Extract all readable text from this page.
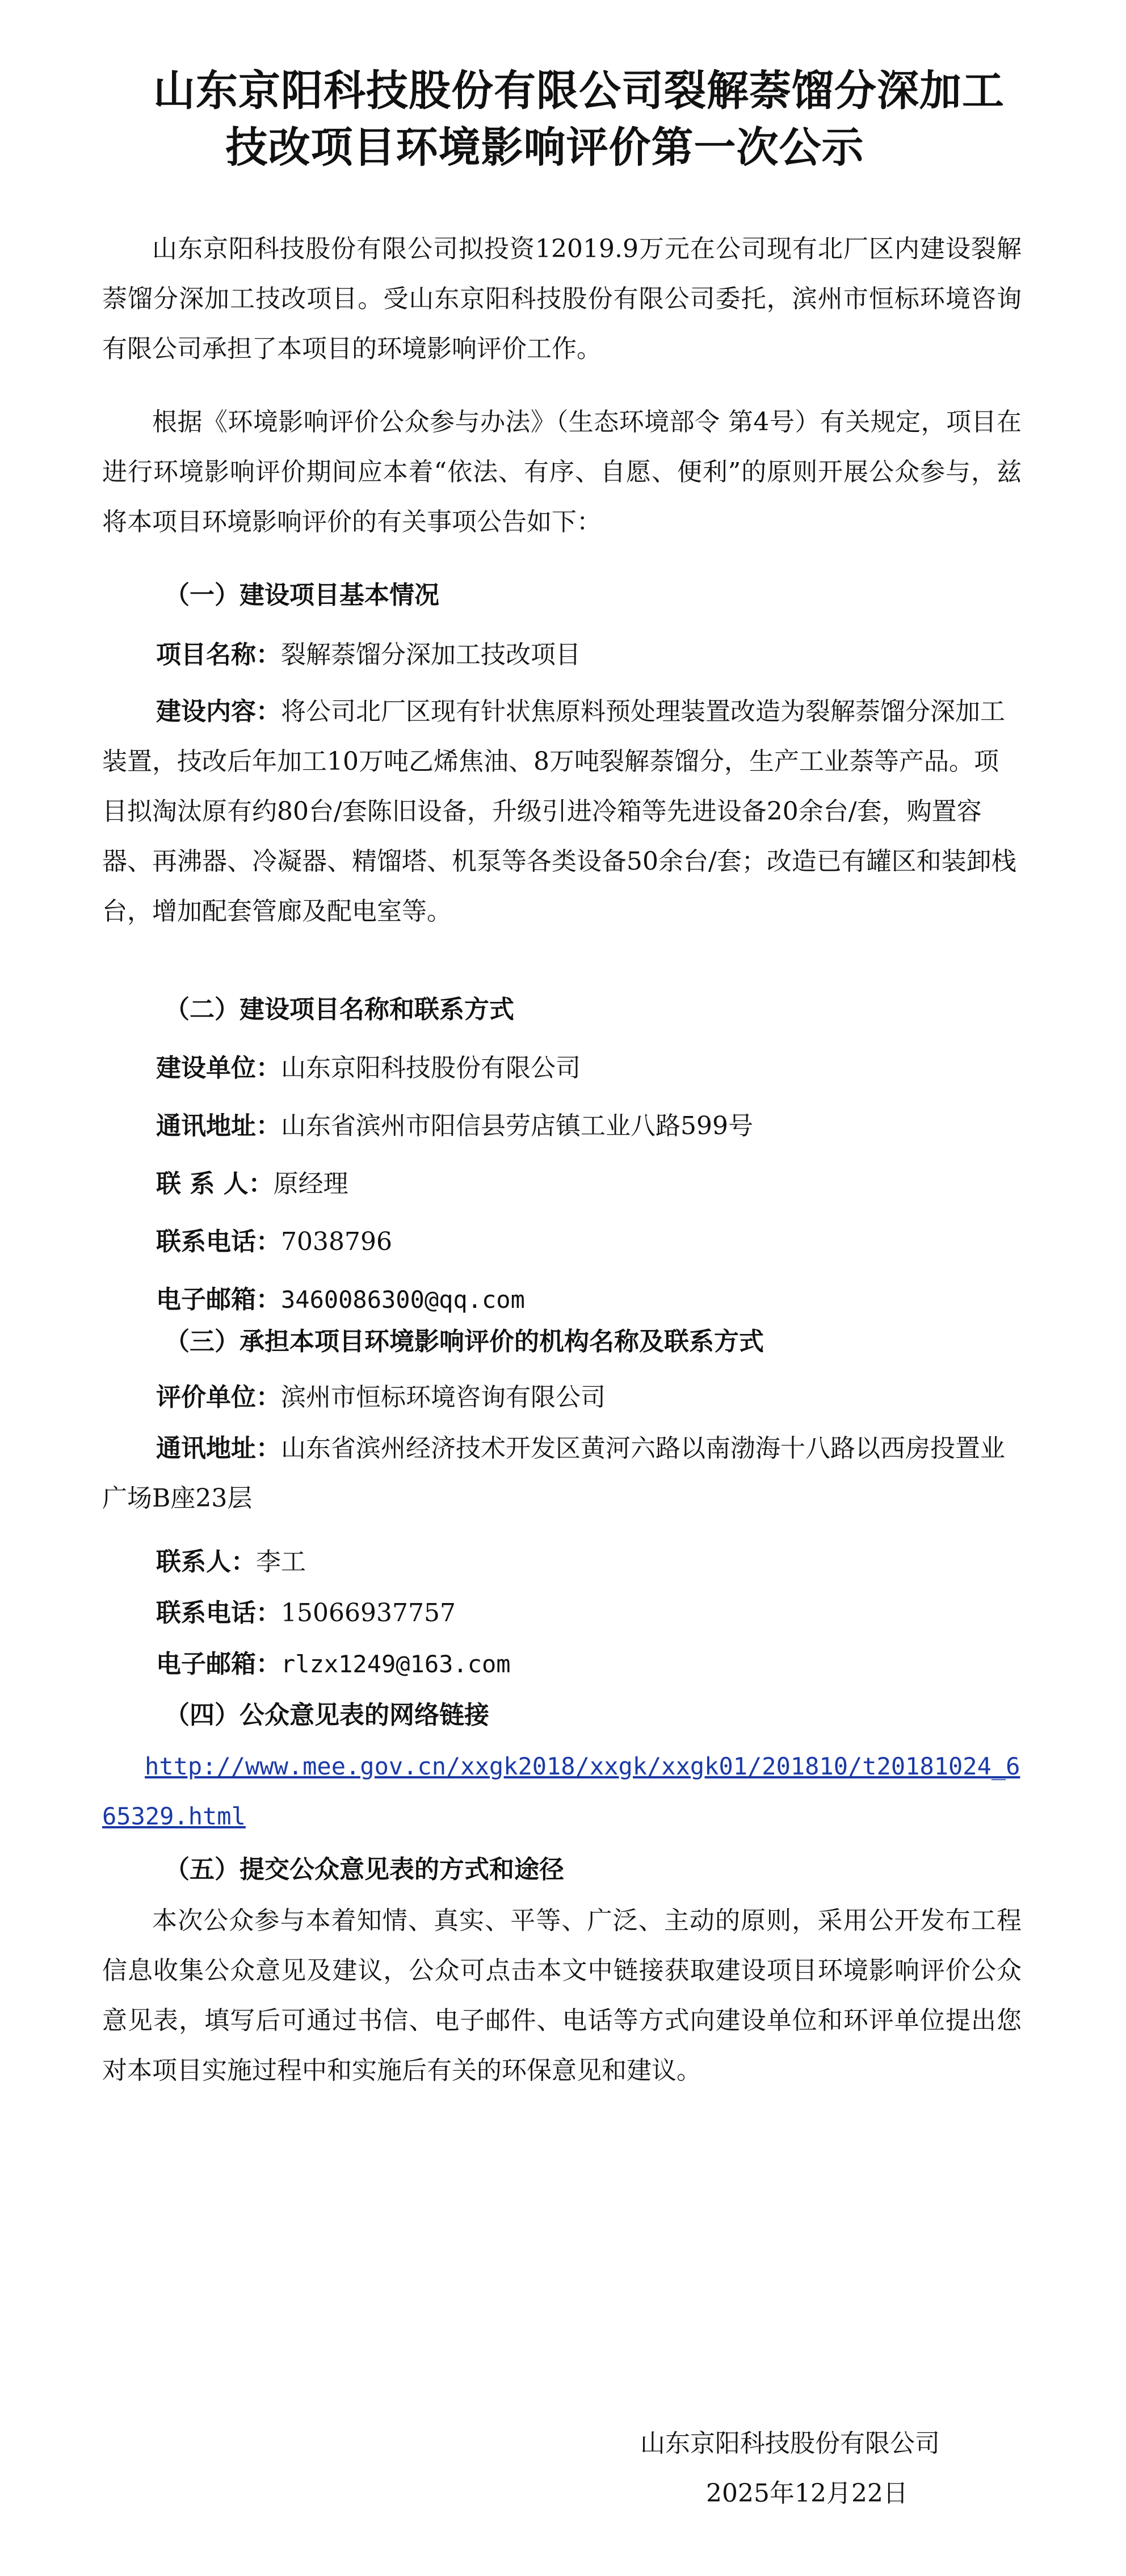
山东京阳科技股份有限公司裂解萘馏分深加工
技改项目环境影响评价第一次公示
山东京阳科技股份有限公司拟投资12019.9万元在公司现有北厂区内建设裂解萘馏分深加工技改项目。受山东京阳科技股份有限公司委托，滨州市恒标环境咨询有限公司承担了本项目的环境影响评价工作。
根据《环境影响评价公众参与办法》（生态环境部令 第4号）有关规定，项目在进行环境影响评价期间应本着“依法、有序、自愿、便利”的原则开展公众参与，兹将本项目环境影响评价的有关事项公告如下：
（一）建设项目基本情况
项目名称：裂解萘馏分深加工技改项目
建设内容：将公司北厂区现有针状焦原料预处理装置改造为裂解萘馏分深加工装置，技改后年加工10万吨乙烯焦油、8万吨裂解萘馏分，生产工业萘等产品。项目拟淘汰原有约80台/套陈旧设备，升级引进冷箱等先进设备20余台/套，购置容器、再沸器、冷凝器、精馏塔、机泵等各类设备50余台/套；改造已有罐区和装卸栈台，增加配套管廊及配电室等。
（二）建设项目名称和联系方式
建设单位：山东京阳科技股份有限公司
通讯地址：山东省滨州市阳信县劳店镇工业八路599号
联 系 人：原经理
联系电话：7038796
电子邮箱：3460086300@qq.com
（三）承担本项目环境影响评价的机构名称及联系方式
评价单位：滨州市恒标环境咨询有限公司
通讯地址：山东省滨州经济技术开发区黄河六路以南渤海十八路以西房投置业广场B座23层
联系人：李工
联系电话：15066937757
电子邮箱：rlzx1249@163.com
（四）公众意见表的网络链接
http://www.mee.gov.cn/xxgk2018/xxgk/xxgk01/201810/t20181024_665329.html
（五）提交公众意见表的方式和途径
本次公众参与本着知情、真实、平等、广泛、主动的原则，采用公开发布工程信息收集公众意见及建议，公众可点击本文中链接获取建设项目环境影响评价公众意见表，填写后可通过书信、电子邮件、电话等方式向建设单位和环评单位提出您对本项目实施过程中和实施后有关的环保意见和建议。
山东京阳科技股份有限公司
2025年12月22日
